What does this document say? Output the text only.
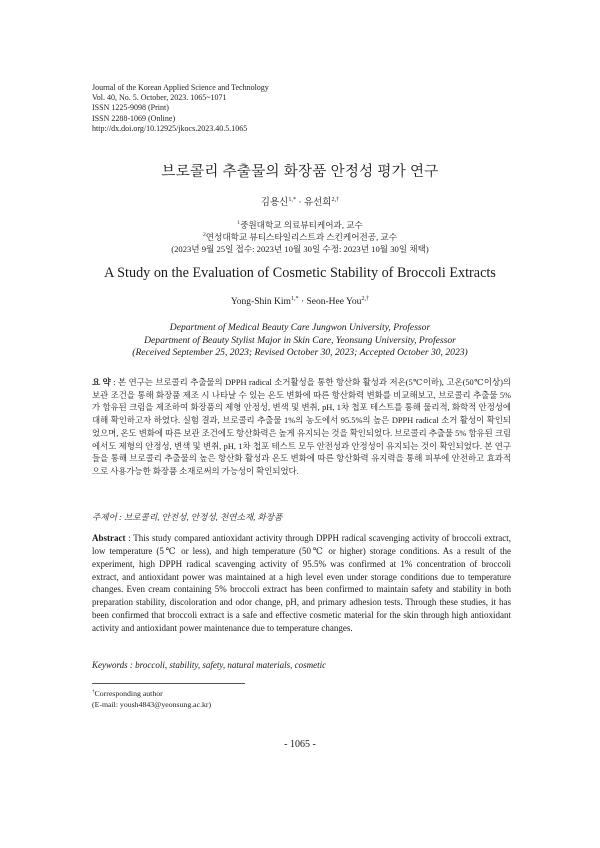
Journal of the Korean Applied Science and Technology
Vol. 40, No. 5. October, 2023. 1065~1071
ISSN 1225-9098 (Print)
ISSN 2288-1069 (Online)
http://dx.doi.org/10.12925/jkocs.2023.40.5.1065
브로콜리 추출물의 화장품 안정성 평가 연구
김용신$^{1,*}$ · 유선희$^{2,\dagger}$
$^1$중원대학교 의료뷰티케어과, 교수
$^2$연성대학교 뷰티스타일리스트과 스킨케어전공, 교수
(2023년 9월 25일 접수: 2023년 10월 30일 수정: 2023년 10월 30일 채택)
A Study on the Evaluation of Cosmetic Stability of Broccoli Extracts
Yong-Shin Kim$^{1,*}$ · Seon-Hee You$^{2,\dagger}$
Department of Medical Beauty Care Jungwon University, Professor
Department of Beauty Stylist Major in Skin Care, Yeonsung University, Professor
(Received September 25, 2023; Revised October 30, 2023; Accepted October 30, 2023)
요 약 : 본 연구는 브로콜리 추출물의 DPPH radical 소거활성을 통한 항산화 활성과 저온(5℃이하), 고온(50℃이상)의 보관 조건을 통해 화장품 제조 시 나타날 수 있는 온도 변화에 따른 항산화력 변화를 비교해보고, 브로콜리 추출물 5%가 함유된 크림을 제조하여 화장품의 제형 안정성, 변색 및 변취, pH, 1차 첩포 테스트를 통해 물리적, 화학적 안정성에 대해 확인하고자 하였다. 실험 결과, 브로콜리 추출물 1%의 농도에서 95.5%의 높은 DPPH radical 소거 활성이 확인되었으며, 온도 변화에 따른 보관 조건에도 항산화력은 높게 유지되는 것을 확인되었다. 브로콜리 추출물 5% 함유된 크림에서도 제형의 안정성, 변색 및 변취, pH, 1차 첩포 테스트 모두 안전성과 안정성이 유지되는 것이 확인되었다. 본 연구들을 통해 브로콜리 추출물의 높은 항산화 활성과 온도 변화에 따른 항산화력 유지력을 통해 피부에 안전하고 효과적으로 사용가능한 화장품 소재로써의 가능성이 확인되었다.
주제어 : 브로콜리, 안전성, 안정성, 천연소재, 화장품
Abstract : This study compared antioxidant activity through DPPH radical scavenging activity of broccoli extract, low temperature (5℃ or less), and high temperature (50℃ or higher) storage conditions. As a result of the experiment, high DPPH radical scavenging activity of 95.5% was confirmed at 1% concentration of broccoli extract, and antioxidant power was maintained at a high level even under storage conditions due to temperature changes. Even cream containing 5% broccoli extract has been confirmed to maintain safety and stability in both preparation stability, discoloration and odor change, pH, and primary adhesion tests. Through these studies, it has been confirmed that broccoli extract is a safe and effective cosmetic material for the skin through high antioxidant activity and antioxidant power maintenance due to temperature changes.
Keywords : broccoli, stability, safety, natural materials, cosmetic
†Corresponding author
(E-mail: yoush4843@yeonsung.ac.kr)
- 1065 -
